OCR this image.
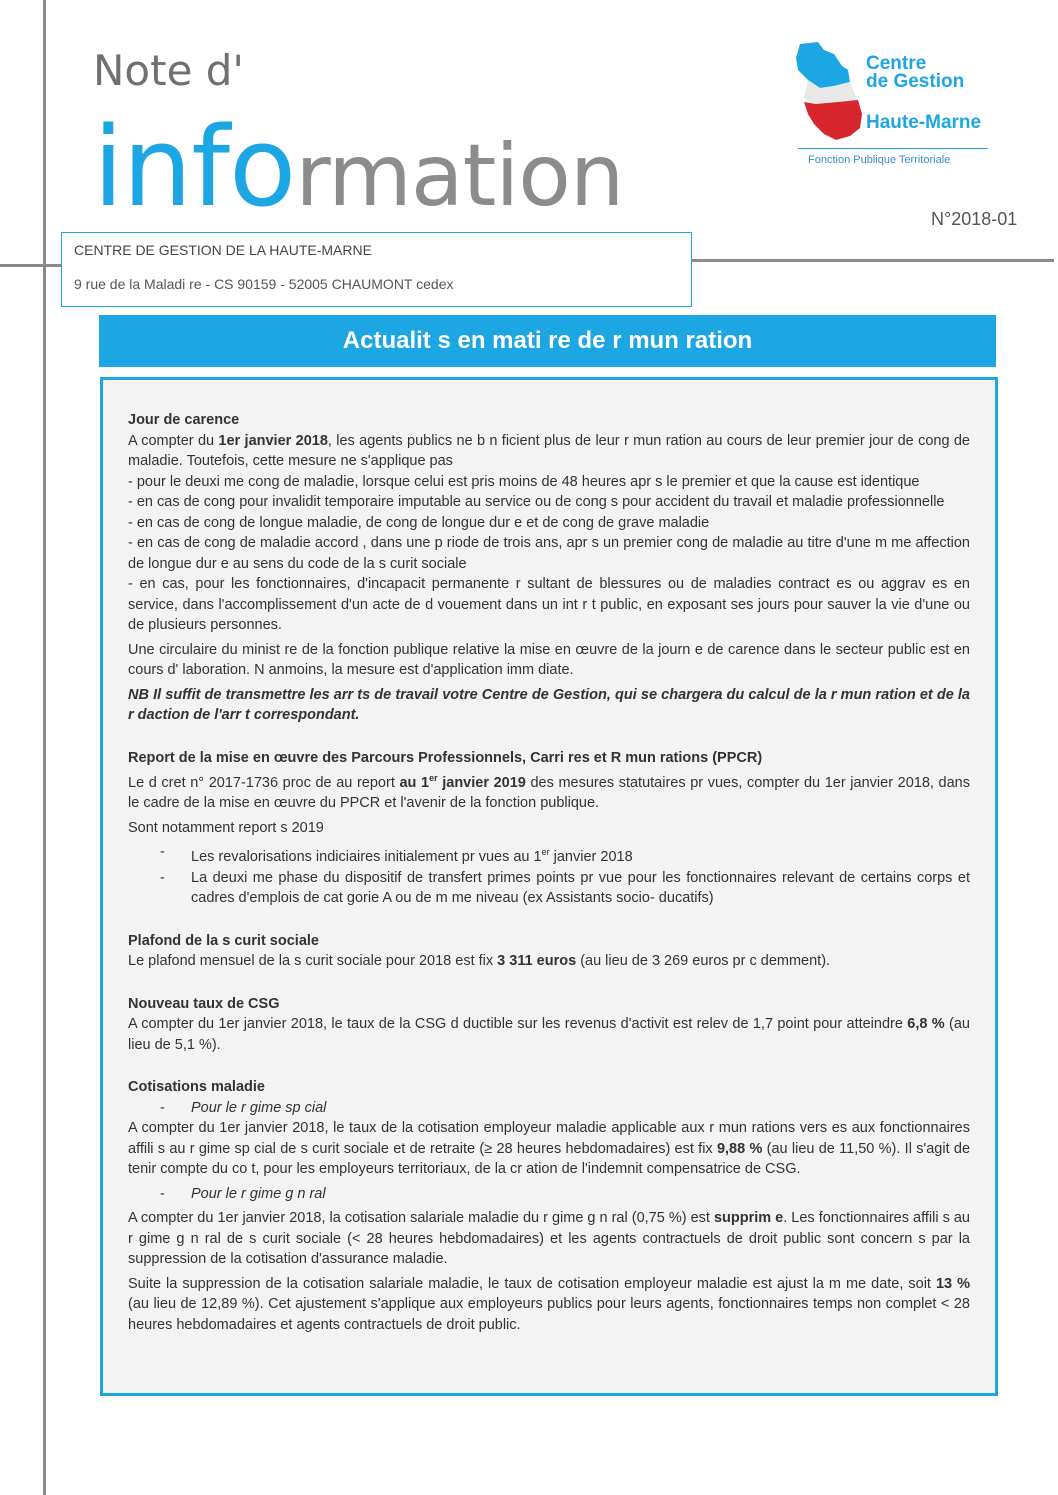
Note d'
information
Centre
de Gestion
Haute-Marne
Fonction Publique Territoriale
N°2018-01
CENTRE DE GESTION DE LA HAUTE-MARNE
9 rue de la Maladi re - CS 90159 - 52005 CHAUMONT cedex
Actualit s en mati re de r mun ration

Jour de carence

A compter du 1er janvier 2018, les agents publics ne b n ficient plus de leur r mun ration au cours de leur premier jour de cong de maladie. Toutefois, cette mesure ne s'applique pas

- pour le deuxi me cong de maladie, lorsque celui est pris moins de 48 heures apr s le premier et que la cause est identique

- en cas de cong pour invalidit temporaire imputable au service ou de cong s pour accident du travail et maladie professionnelle

- en cas de cong de longue maladie, de cong de longue dur e et de cong de grave maladie

- en cas de cong de maladie accord , dans une p riode de trois ans, apr s un premier cong de maladie au titre d'une m me affection de longue dur e au sens du code de la s curit sociale

- en cas, pour les fonctionnaires, d'incapacit permanente r sultant de blessures ou de maladies contract es ou aggrav es en service, dans l'accomplissement d'un acte de d vouement dans un int r t public, en exposant ses jours pour sauver la vie d'une ou de plusieurs personnes.

Une circulaire du minist re de la fonction publique relative la mise en œuvre de la journ e de carence dans le secteur public est en cours d' laboration. N anmoins, la mesure est d'application imm diate.

NB Il suffit de transmettre les arr ts de travail votre Centre de Gestion, qui se chargera du calcul de la r mun ration et de la r daction de l'arr t correspondant.

Report de la mise en œuvre des Parcours Professionnels, Carri res et R mun rations (PPCR)

Le d cret n° 2017-1736 proc de au report au 1er janvier 2019 des mesures statutaires pr vues, compter du 1er janvier 2018, dans le cadre de la mise en œuvre du PPCR et l'avenir de la fonction publique.

Sont notamment report s 2019

-	Les revalorisations indiciaires initialement pr vues au 1er janvier 2018
-	La deuxi me phase du dispositif de transfert primes points pr vue pour les fonctionnaires relevant de certains corps et cadres d'emplois de cat gorie A ou de m me niveau (ex Assistants socio- ducatifs)

Plafond de la s curit sociale

Le plafond mensuel de la s curit sociale pour 2018 est fix 3 311 euros (au lieu de 3 269 euros pr c demment).

Nouveau taux de CSG

A compter du 1er janvier 2018, le taux de la CSG d ductible sur les revenus d'activit est relev de 1,7 point pour atteindre 6,8 % (au lieu de 5,1 %).

Cotisations maladie

-	Pour le r gime sp cial

A compter du 1er janvier 2018, le taux de la cotisation employeur maladie applicable aux r mun rations vers es aux fonctionnaires affili s au r gime sp cial de s curit sociale et de retraite (≥ 28 heures hebdomadaires) est fix 9,88 % (au lieu de 11,50 %). Il s'agit de tenir compte du co t, pour les employeurs territoriaux, de la cr ation de l'indemnit compensatrice de CSG.

-	Pour le r gime g n ral

A compter du 1er janvier 2018, la cotisation salariale maladie du r gime g n ral (0,75 %) est supprim e. Les fonctionnaires affili s au r gime g n ral de s curit sociale (< 28 heures hebdomadaires) et les agents contractuels de droit public sont concern s par la suppression de la cotisation d'assurance maladie.

Suite la suppression de la cotisation salariale maladie, le taux de cotisation employeur maladie est ajust la m me date, soit 13 % (au lieu de 12,89 %). Cet ajustement s'applique aux employeurs publics pour leurs agents, fonctionnaires temps non complet < 28 heures hebdomadaires et agents contractuels de droit public.
